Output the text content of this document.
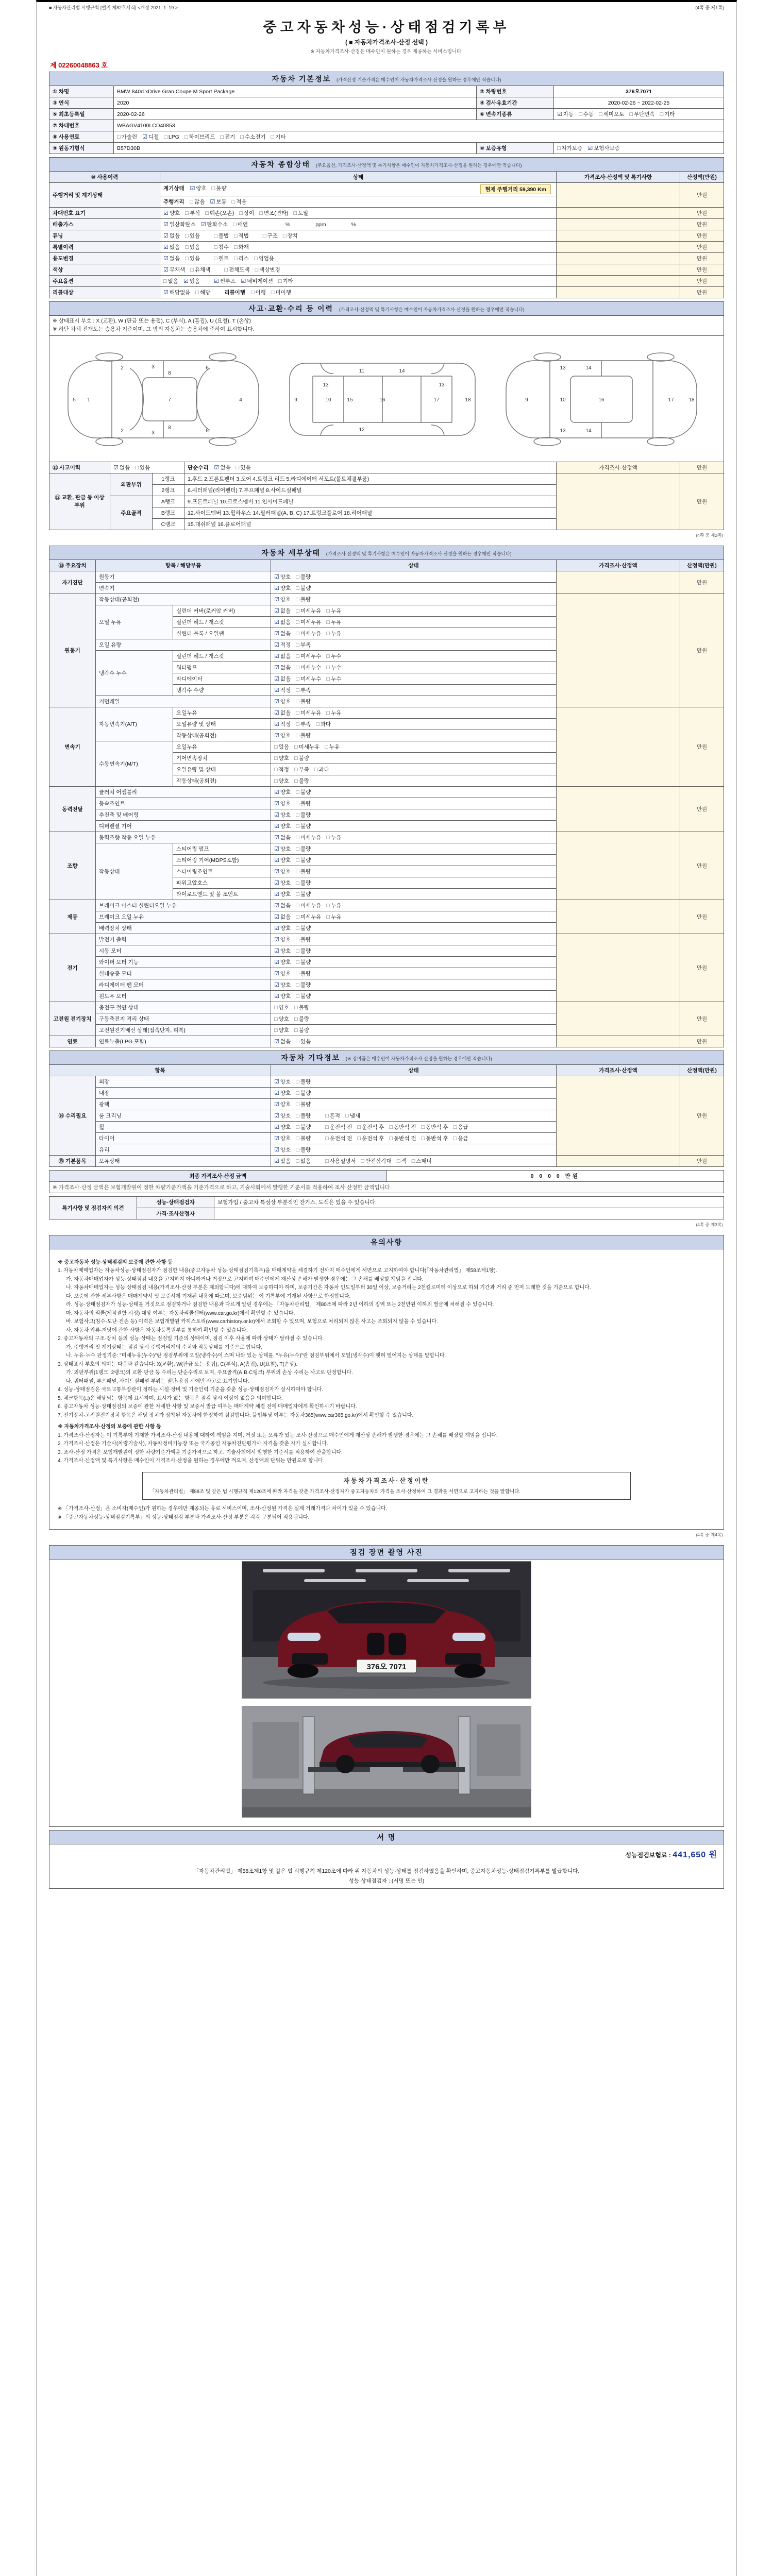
■ 자동차관리법 시행규칙 [별지 제82호서식] <개정 2021. 1. 19.>	(4쪽 중 제1쪽)
중고자동차성능·상태점검기록부
( ■ 자동차가격조사·산정 선택 )
※ 자동차가격조사·산정은 매수인이 원하는 경우 제공하는 서비스입니다.
제 02260048863 호
자동차 기본정보 (가격산정 기준가격은 매수인이 자동차가격조사·산정을 원하는 경우에만 적습니다)			
① 차명	BMW 840d xDrive Gran Coupe M Sport Package	② 차량번호	376오7071
③ 연식	2020	④ 검사유효기간	2020-02-26 ~ 2022-02-25
⑤ 최초등록일	2020-02-26	⑥ 변속기종류	☑ 자동 □ 수동 □ 세미오토 □ 무단변속 □ 기타
⑦ 차대번호	WBAGV4100LCD40853		
⑧ 사용연료	□ 가솔린 ☑ 디젤 □ LPG □ 하이브리드 □ 전기 □ 수소전기 □ 기타		
⑨ 원동기형식	B57D30B	⑩ 보증유형	□ 자가보증 ☑ 보험사보증
자동차 종합상태 (주요옵션, 가격조사·산정액 및 특기사항은 매수인이 자동차가격조사·산정을 원하는 경우에만 적습니다)			
⑩ 사용이력	상태	가격조사·산정액 및 특기사항	산정액(만원)
주행거리 및 계기상태	계기상태 ☑ 양호 □ 불량 현재 주행거리 59,390 Km		만원
	주행거리 □ 많음 ☑ 보통 □ 적음		
차대번호 표기	☑ 양호 □ 부식 □ 훼손(오손) □ 상이 □ 변조(변타) □ 도말		만원
배출가스	☑ 일산화탄소 ☑ 탄화수소 □ 매연 % ppm %		만원
튜닝	☑ 없음 □ 있음 □ 불법 □ 적법 □ 구조 □ 장치		만원
특별이력	☑ 없음 □ 있음 □ 침수 □ 화재		만원
용도변경	☑ 없음 □ 있음 □ 렌트 □ 리스 □ 영업용		만원
색상	☑ 무채색 □ 유채색 □ 전체도색 □ 색상변경		만원
주요옵션	□ 없음 ☑ 있음 ☑ 썬루프 ☑ 네비게이션 □ 기타		만원
리콜대상	☑ 해당없음 □ 해당 리콜이행 □ 이행 □ 미이행		만원
사고·교환·수리 등 이력 (가격조사·산정액 및 특기사항은 매수인이 자동차가격조사·산정을 원하는 경우에만 적습니다)					

※ 상태표시 부호 : X (교환), W (판금 또는 용접), C (부식), A (흠집), U (요철), T (손상)
※ 하단 차체 전개도는 승용차 기준이며, 그 밖의 자동차는 승용차에 준하여 표시합니다.					

1
2
2
3
3
4
5
6
6
7
8
8
9	10
11
12
13	13
16
15	17	18
14
9	10
14
14
16	17	18
13
13

⑪ 사고이력	☑ 없음 □ 있음		단순수리 ☑ 없음 □ 있음	가격조사·산정액	만원
⑫ 교환, 판금 등 이상 부위	외판부위	1랭크	1.후드 2.프론트펜더 3.도어 4.트렁크 리드 5.라디에이터 서포트(볼트체결부품)		만원
		2랭크	6.쿼터패널(리어펜더) 7.루프패널 8.사이드실패널		
	주요골격	A랭크	9.프론트패널 10.크로스멤버 11.인사이드패널		
		B랭크	12.사이드멤버 13.휠하우스 14.필러패널(A, B, C) 17.트렁크플로어 18.리어패널		
		C랭크	15.대쉬패널 16.플로어패널		
(4쪽 중 제2쪽)
자동차 세부상태 (가격조사·산정액 및 특기사항은 매수인이 자동차가격조사·산정을 원하는 경우에만 적습니다)					
⑬ 주요장치	항목 / 해당부품		상태	가격조사·산정액	산정액(만원)
자기진단	원동기		☑ 양호 □ 불량		만원
	변속기		☑ 양호 □ 불량		
원동기	작동상태(공회전)		☑ 양호 □ 불량		만원
	오일 누유	실린더 커버(로커암 커버)	☑ 없음 □ 미세누유 □ 누유		
		실린더 헤드 / 개스킷	☑ 없음 □ 미세누유 □ 누유		
		실린더 블록 / 오일팬	☑ 없음 □ 미세누유 □ 누유		
	오일 유량		☑ 적정 □ 부족		
	냉각수 누수	실린더 헤드 / 개스킷	☑ 없음 □ 미세누수 □ 누수		
		워터펌프	☑ 없음 □ 미세누수 □ 누수		
		라디에이터	☑ 없음 □ 미세누수 □ 누수		
		냉각수 수량	☑ 적정 □ 부족		
	커먼레일		☑ 양호 □ 불량		
변속기	자동변속기(A/T)	오일누유	☑ 없음 □ 미세누유 □ 누유		만원
		오일유량 및 상태	☑ 적정 □ 부족 □ 과다		
		작동상태(공회전)	☑ 양호 □ 불량		
	수동변속기(M/T)	오일누유	□ 없음 □ 미세누유 □ 누유		
		기어변속장치	□ 양호 □ 불량		
		오일유량 및 상태	□ 적정 □ 부족 □ 과다		
		작동상태(공회전)	□ 양호 □ 불량		
동력전달	클러치 어셈블리		☑ 양호 □ 불량		만원
	등속조인트		☑ 양호 □ 불량		
	추진축 및 베어링		☑ 양호 □ 불량		
	디퍼렌셜 기어		☑ 양호 □ 불량		
조향	동력조향 작동 오일 누유		☑ 없음 □ 미세누유 □ 누유		만원
	작동상태	스티어링 펌프	☑ 양호 □ 불량		
		스티어링 기어(MDPS포함)	☑ 양호 □ 불량		
		스티어링조인트	☑ 양호 □ 불량		
		파워고압호스	☑ 양호 □ 불량		
		타이로드엔드 및 볼 조인트	☑ 양호 □ 불량		
제동	브레이크 마스터 실린더오일 누유		☑ 없음 □ 미세누유 □ 누유		만원
	브레이크 오일 누유		☑ 없음 □ 미세누유 □ 누유		
	배력장치 상태		☑ 양호 □ 불량		
전기	발전기 출력		☑ 양호 □ 불량		만원
	시동 모터		☑ 양호 □ 불량		
	와이퍼 모터 기능		☑ 양호 □ 불량		
	실내송풍 모터		☑ 양호 □ 불량		
	라디에이터 팬 모터		☑ 양호 □ 불량		
	윈도우 모터		☑ 양호 □ 불량		
고전원 전기장치	충전구 절연 상태		□ 양호 □ 불량		만원
	구동축전지 격리 상태		□ 양호 □ 불량		
	고전원전기배선 상태(접속단자, 피복)		□ 양호 □ 불량		
연료	연료누출(LPG 포함)		☑ 없음 □ 있음		만원
자동차 기타정보 (※ 장비품은 매수인이 자동차가격조사·산정을 원하는 경우에만 적습니다)				
항목		상태	가격조사·산정액	산정액(만원)
⑭ 수리필요	외장	☑ 양호 □ 불량		만원
	내장	☑ 양호 □ 불량		
	광택	☑ 양호 □ 불량		
	룸 크리닝	☑ 양호 □ 불량 □ 흔적 □ 냄새		
	휠	☑ 양호 □ 불량 □ 운전석 전 □ 운전석 후 □ 동반석 전 □ 동반석 후 □ 응급		
	타이어	☑ 양호 □ 불량 □ 운전석 전 □ 운전석 후 □ 동반석 전 □ 동반석 후 □ 응급		
	유리	☑ 양호 □ 불량		
⑮ 기본품목	보유상태	☑ 있음 □ 없음 □ 사용설명서 □ 안전삼각대 □ 잭 □ 스패너		만원
최종 가격조사·산정 금액	0 0 0 0 만원
※ 가격조사·산정 금액은 보험개발원이 정한 차량기준가액을 기준가격으로 하고, 기술사회에서 발행한 기준서를 적용하여 조사·산정한 금액입니다.
특기사항 및 점검자의 의견	성능·상태점검자	보험가입 / 중고차 특성상 부분적인 잔기스, 도색은 있을 수 있습니다.
	가격·조사산정자	
(4쪽 중 제3쪽)
유의사항
※ 중고자동차 성능·상태점검의 보증에 관한 사항 등
1. 자동차매매업자는 자동차성능·상태점검자가 점검한 내용(중고자동차 성능·상태점검기록부)을 매매계약을 체결하기 전까지 매수인에게 서면으로 고지하여야 합니다(「자동차관리법」 제58조제1항).
가. 자동차매매업자가 성능·상태점검 내용을 고지하지 아니하거나 거짓으로 고지하여 매수인에게 재산상 손해가 발생한 경우에는 그 손해를 배상할 책임을 집니다.
나. 자동차매매업자는 성능·상태점검 내용(가격조사·산정 부분은 제외합니다)에 대하여 보증하여야 하며, 보증기간은 자동차 인도일부터 30일 이상, 보증거리는 2천킬로미터 이상으로 하되 기간과 거리 중 먼저 도래한 것을 기준으로 합니다.
다. 보증에 관한 세부사항은 매매계약서 및 보증서에 기재된 내용에 따르며, 보증범위는 이 기록부에 기재된 사항으로 한정합니다.
라. 성능·상태점검자가 성능·상태를 거짓으로 점검하거나 점검한 내용과 다르게 알린 경우에는 「자동차관리법」 제80조에 따라 2년 이하의 징역 또는 2천만원 이하의 벌금에 처해질 수 있습니다.
마. 자동차의 리콜(제작결함 시정) 대상 여부는 자동차리콜센터(www.car.go.kr)에서 확인할 수 있습니다.
바. 보험사고(침수·도난·전손 등) 이력은 보험개발원 카히스토리(www.carhistory.or.kr)에서 조회할 수 있으며, 보험으로 처리되지 않은 사고는 조회되지 않을 수 있습니다.
사. 자동차 압류·저당에 관한 사항은 자동차등록원부를 통하여 확인할 수 있습니다.
2. 중고자동차의 구조·장치 등의 성능·상태는 점검일 기준의 상태이며, 점검 이후 사용에 따라 상태가 달라질 수 있습니다.
가. 주행거리 및 계기상태는 점검 당시 주행거리계의 수치와 작동상태를 기준으로 합니다.
나. 누유·누수 판정기준: "미세누유(누수)"란 점검부위에 오일(냉각수)이 스며 나와 있는 상태를, "누유(누수)"란 점검부위에서 오일(냉각수)이 맺혀 떨어지는 상태를 말합니다.
3. 상태표시 부호의 의미는 다음과 같습니다: X(교환), W(판금 또는 용접), C(부식), A(흠집), U(요철), T(손상).
가. 외판부위(1랭크, 2랭크)의 교환·판금 등 수리는 단순수리로 보며, 주요골격(A·B·C랭크) 부위의 손상·수리는 사고로 판정합니다.
나. 쿼터패널, 루프패널, 사이드실패널 부위는 절단·용접 시에만 사고로 표기합니다.
4. 성능·상태점검은 국토교통부장관이 정하는 시설·장비 및 기술인력 기준을 갖춘 성능·상태점검자가 실시하여야 합니다.
5. 체크항목(□)은 해당되는 항목에 표시하며, 표시가 없는 항목은 점검 당시 이상이 없음을 의미합니다.
6. 중고자동차 성능·상태점검의 보증에 관한 자세한 사항 및 보증서 발급 여부는 매매계약 체결 전에 매매업자에게 확인하시기 바랍니다.
7. 전기장치·고전원전기장치 항목은 해당 장치가 장착된 자동차에 한정하여 점검합니다. 불법튜닝 여부는 자동차365(www.car365.go.kr)에서 확인할 수 있습니다.
※ 자동차가격조사·산정의 보증에 관한 사항 등
1. 가격조사·산정자는 이 기록부에 기재한 가격조사·산정 내용에 대하여 책임을 지며, 거짓 또는 오류가 있는 조사·산정으로 매수인에게 재산상 손해가 발생한 경우에는 그 손해를 배상할 책임을 집니다.
2. 가격조사·산정은 기술사(차량기술사), 자동차정비기능장 또는 국가공인 자동차진단평가사 자격을 갖춘 자가 실시합니다.
3. 조사·산정 가격은 보험개발원이 정한 차량기준가액을 기준가격으로 하고, 기술사회에서 발행한 기준서를 적용하여 산출합니다.
4. 가격조사·산정액 및 특기사항은 매수인이 가격조사·산정을 원하는 경우에만 적으며, 산정액의 단위는 만원으로 합니다.
자동차가격조사·산정이란
「자동차관리법」 제58조 및 같은 법 시행규칙 제120조에 따라 자격을 갖춘 가격조사·산정자가 중고자동차의 가격을 조사·산정하여 그 결과를 서면으로 고지하는 것을 말합니다.
※ 「가격조사·산정」은 소비자(매수인)가 원하는 경우에만 제공되는 유료 서비스이며, 조사·산정된 가격은 실제 거래가격과 차이가 있을 수 있습니다.
※ 「중고자동차성능·상태점검기록부」의 성능·상태점검 부분과 가격조사·산정 부분은 각각 구분되어 적용됩니다.
(4쪽 중 제4쪽)
점검 장면 촬영 사진

376오 7071
서 명

성능점검보험료 : 441,650 원
「자동차관리법」 제58조제1항 및 같은 법 시행규칙 제120조에 따라 위 자동차의 성능·상태를 점검하였음을 확인하며, 중고자동차성능·상태점검기록부를 발급합니다.
성능·상태점검자 : (서명 또는 인)
